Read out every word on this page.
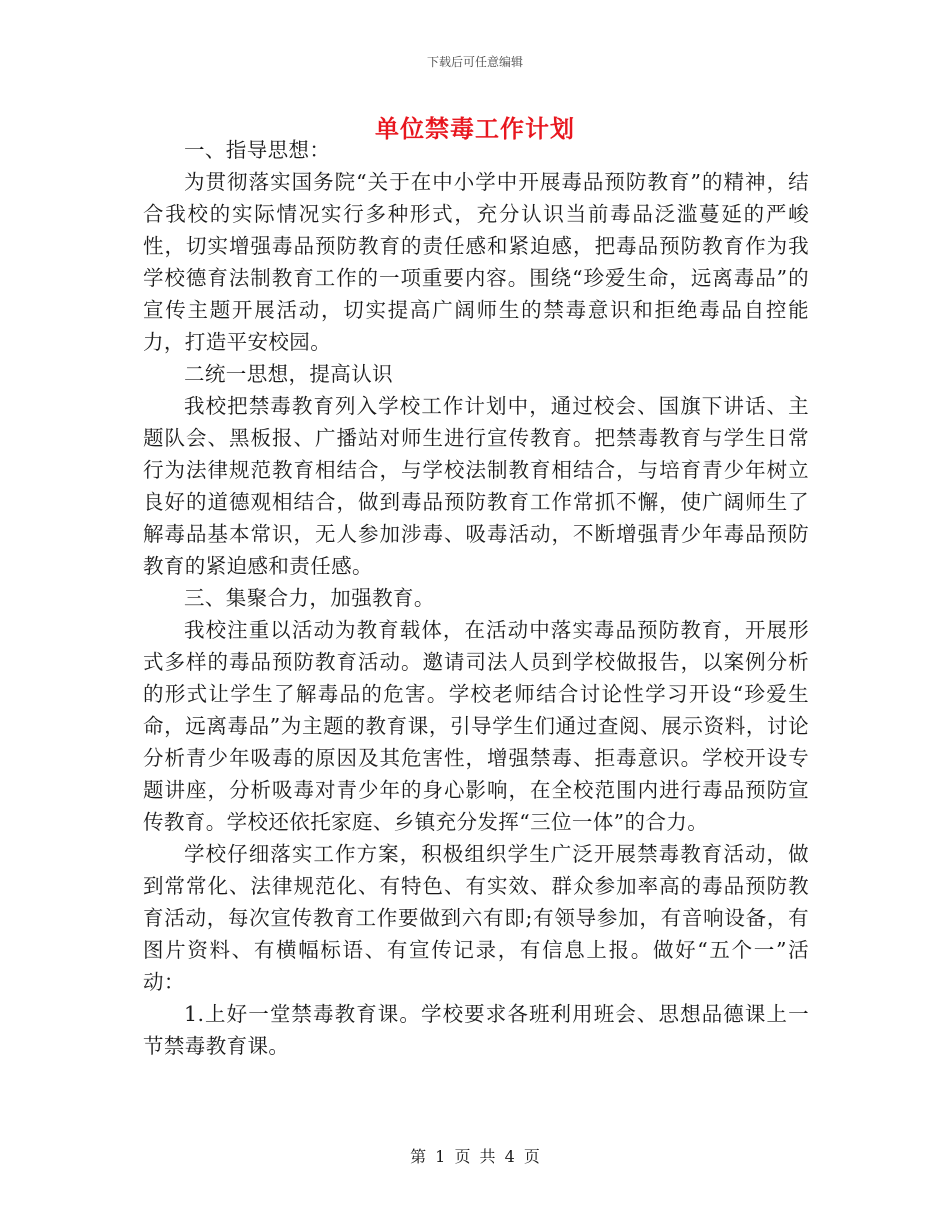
下载后可任意编辑
单位禁毒工作计划

一、指导思想：

为贯彻落实国务院“关于在中小学中开展毒品预防教育”的精神，结合我校的实际情况实行多种形式，充分认识当前毒品泛滥蔓延的严峻性，切实增强毒品预防教育的责任感和紧迫感，把毒品预防教育作为我学校德育法制教育工作的一项重要内容。围绕“珍爱生命，远离毒品”的宣传主题开展活动，切实提高广阔师生的禁毒意识和拒绝毒品自控能力，打造平安校园。

二统一思想，提高认识

我校把禁毒教育列入学校工作计划中，通过校会、国旗下讲话、主题队会、黑板报、广播站对师生进行宣传教育。把禁毒教育与学生日常行为法律规范教育相结合，与学校法制教育相结合，与培育青少年树立良好的道德观相结合，做到毒品预防教育工作常抓不懈，使广阔师生了解毒品基本常识，无人参加涉毒、吸毒活动，不断增强青少年毒品预防教育的紧迫感和责任感。

三、集聚合力，加强教育。

我校注重以活动为教育载体，在活动中落实毒品预防教育，开展形式多样的毒品预防教育活动。邀请司法人员到学校做报告，以案例分析的形式让学生了解毒品的危害。学校老师结合讨论性学习开设“珍爱生命，远离毒品”为主题的教育课，引导学生们通过查阅、展示资料，讨论分析青少年吸毒的原因及其危害性，增强禁毒、拒毒意识。学校开设专题讲座，分析吸毒对青少年的身心影响，在全校范围内进行毒品预防宣传教育。学校还依托家庭、乡镇充分发挥“三位一体”的合力。

学校仔细落实工作方案，积极组织学生广泛开展禁毒教育活动，做到常常化、法律规范化、有特色、有实效、群众参加率高的毒品预防教育活动，每次宣传教育工作要做到六有即;有领导参加，有音响设备，有图片资料、有横幅标语、有宣传记录，有信息上报。做好“五个一”活动：

1.上好一堂禁毒教育课。学校要求各班利用班会、思想品德课上一节禁毒教育课。

第 1 页 共 4 页
